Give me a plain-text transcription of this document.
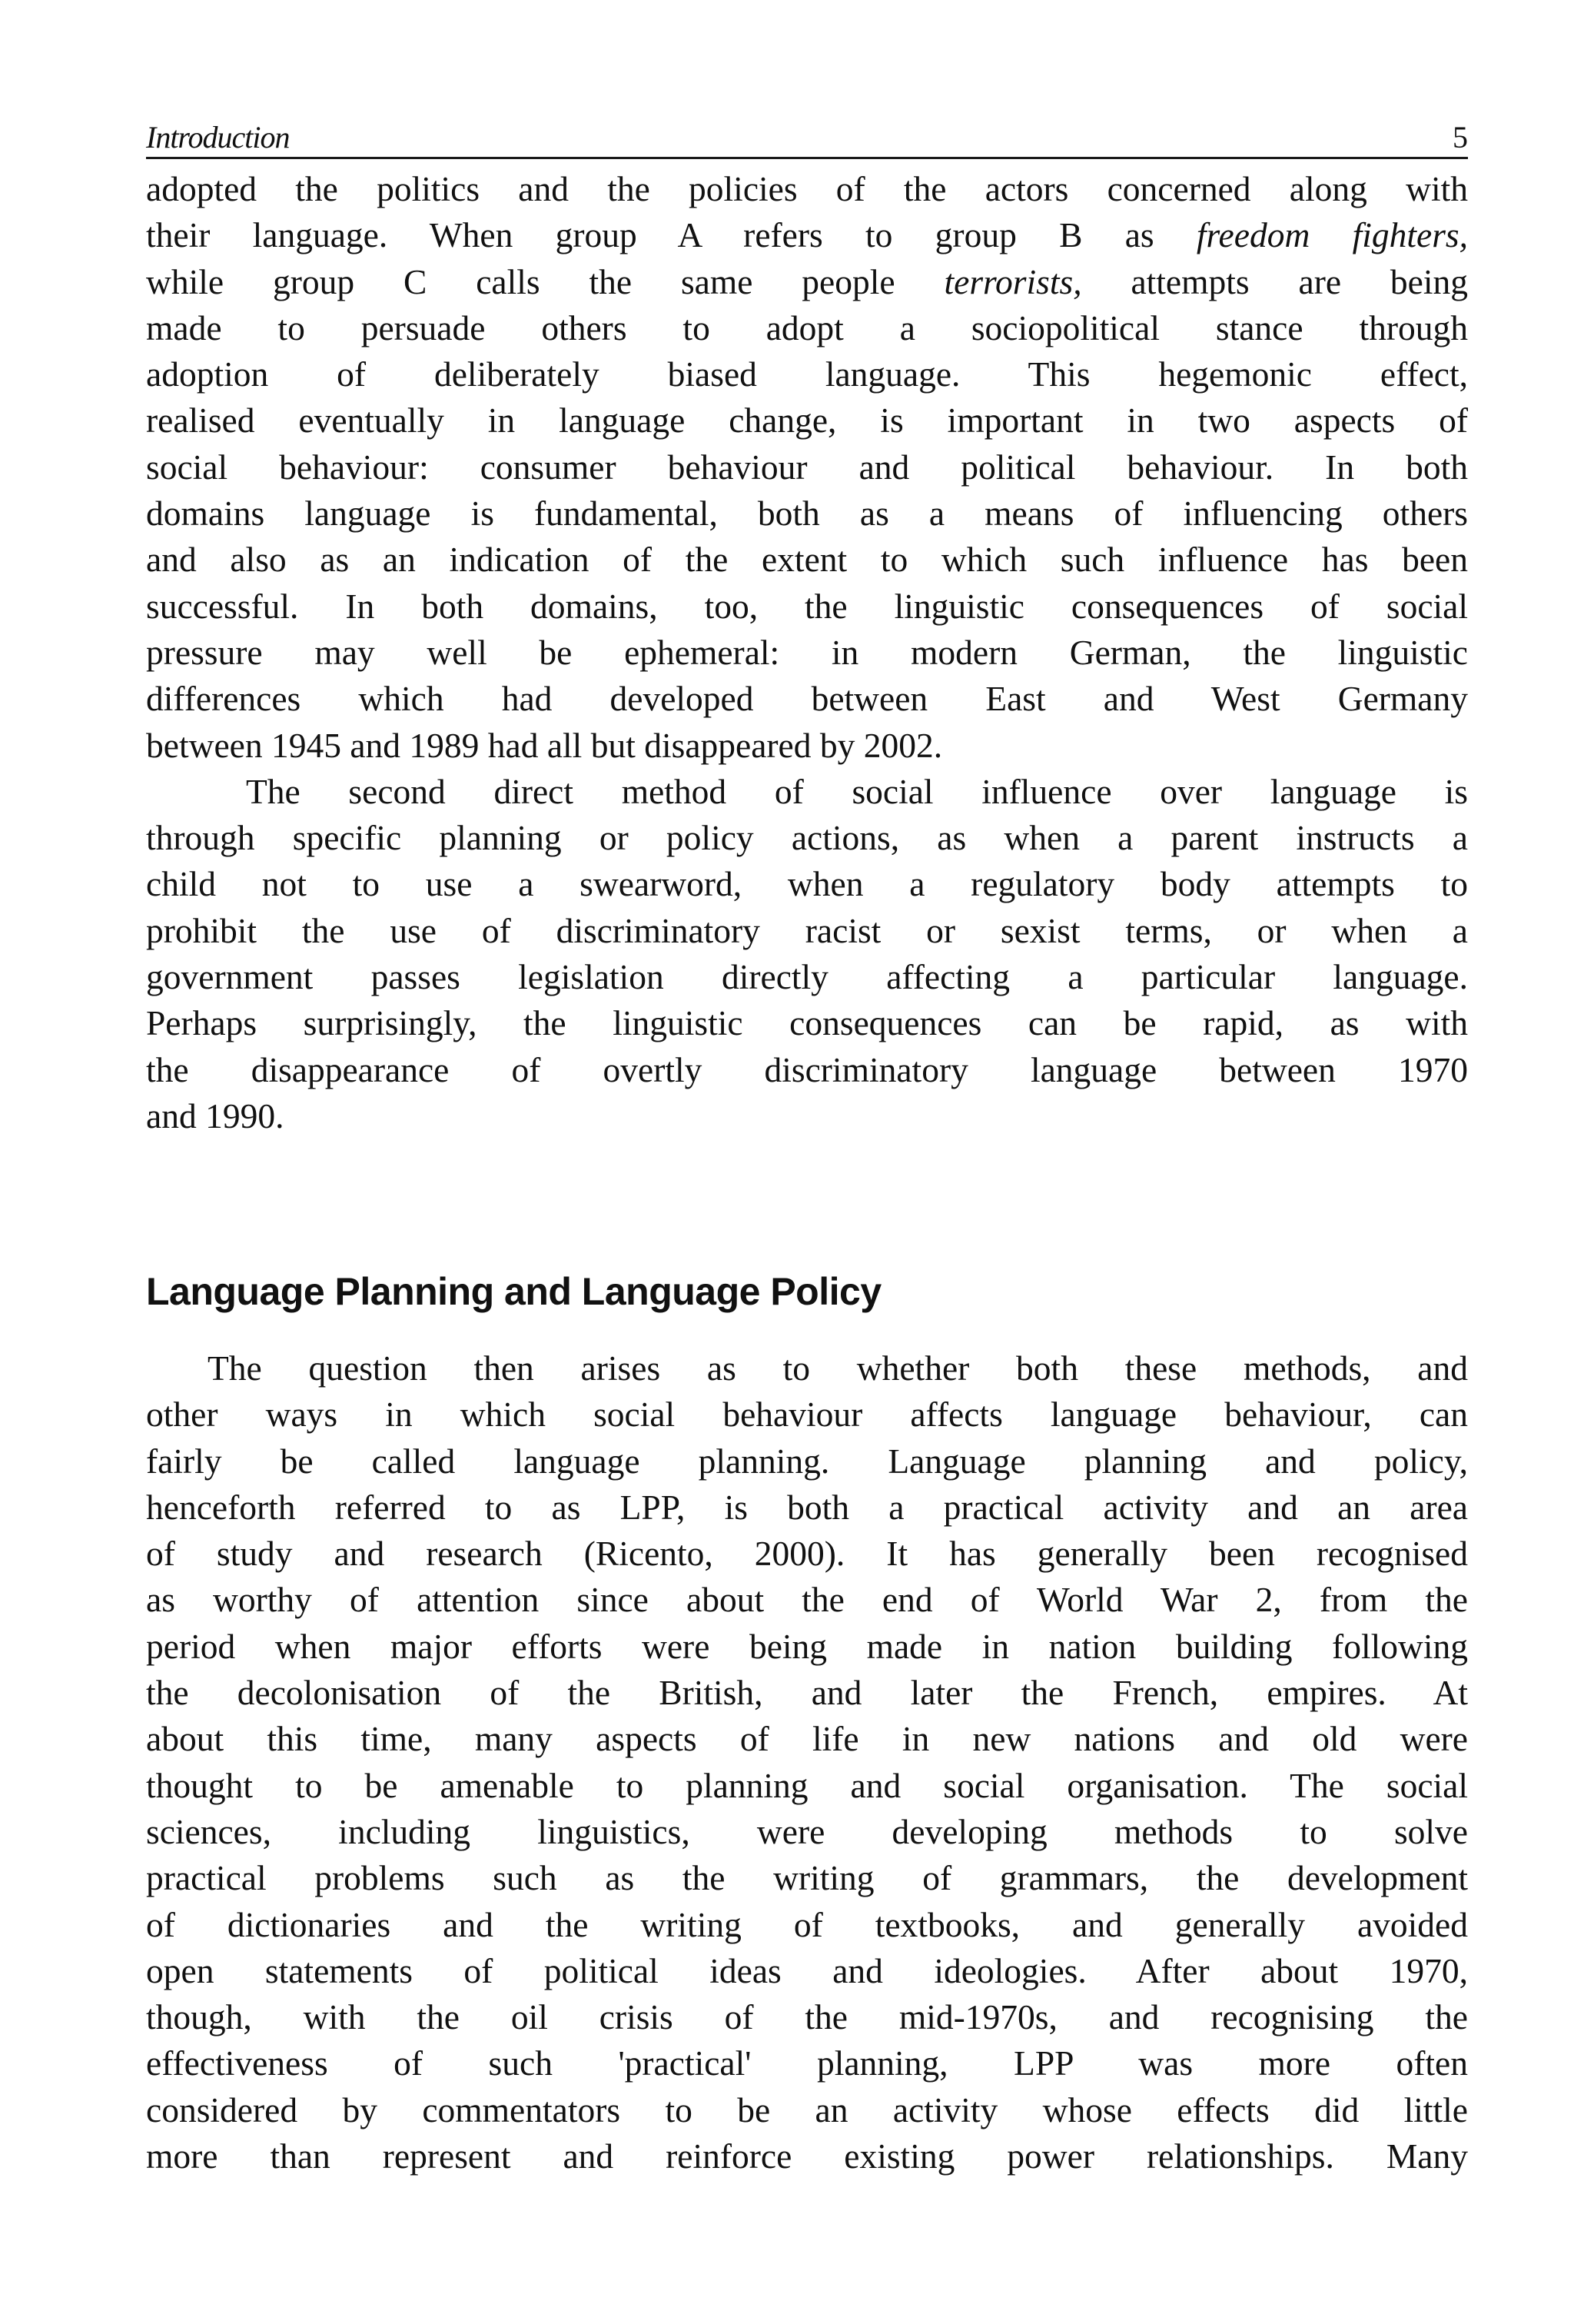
Introduction	5
adopted the politics and the policies of the actors concerned along with
their language. When group A refers to group B as freedom fighters,
while group C calls the same people terrorists, attempts are being
made to persuade others to adopt a sociopolitical stance through
adoption of deliberately biased language. This hegemonic effect,
realised eventually in language change, is important in two aspects of
social behaviour: consumer behaviour and political behaviour. In both
domains language is fundamental, both as a means of influencing others
and also as an indication of the extent to which such influence has been
successful. In both domains, too, the linguistic consequences of social
pressure may well be ephemeral: in modern German, the linguistic
differences which had developed between East and West Germany
between 1945 and 1989 had all but disappeared by 2002.
The second direct method of social influence over language is
through specific planning or policy actions, as when a parent instructs a
child not to use a swearword, when a regulatory body attempts to
prohibit the use of discriminatory racist or sexist terms, or when a
government passes legislation directly affecting a particular language.
Perhaps surprisingly, the linguistic consequences can be rapid, as with
the disappearance of overtly discriminatory language between 1970
and 1990.
Language Planning and Language Policy
The question then arises as to whether both these methods, and
other ways in which social behaviour affects language behaviour, can
fairly be called language planning. Language planning and policy,
henceforth referred to as LPP, is both a practical activity and an area
of study and research (Ricento, 2000). It has generally been recognised
as worthy of attention since about the end of World War 2, from the
period when major efforts were being made in nation building following
the decolonisation of the British, and later the French, empires. At
about this time, many aspects of life in new nations and old were
thought to be amenable to planning and social organisation. The social
sciences, including linguistics, were developing methods to solve
practical problems such as the writing of grammars, the development
of dictionaries and the writing of textbooks, and generally avoided
open statements of political ideas and ideologies. After about 1970,
though, with the oil crisis of the mid-1970s, and recognising the
effectiveness of such 'practical' planning, LPP was more often
considered by commentators to be an activity whose effects did little
more than represent and reinforce existing power relationships. Many
